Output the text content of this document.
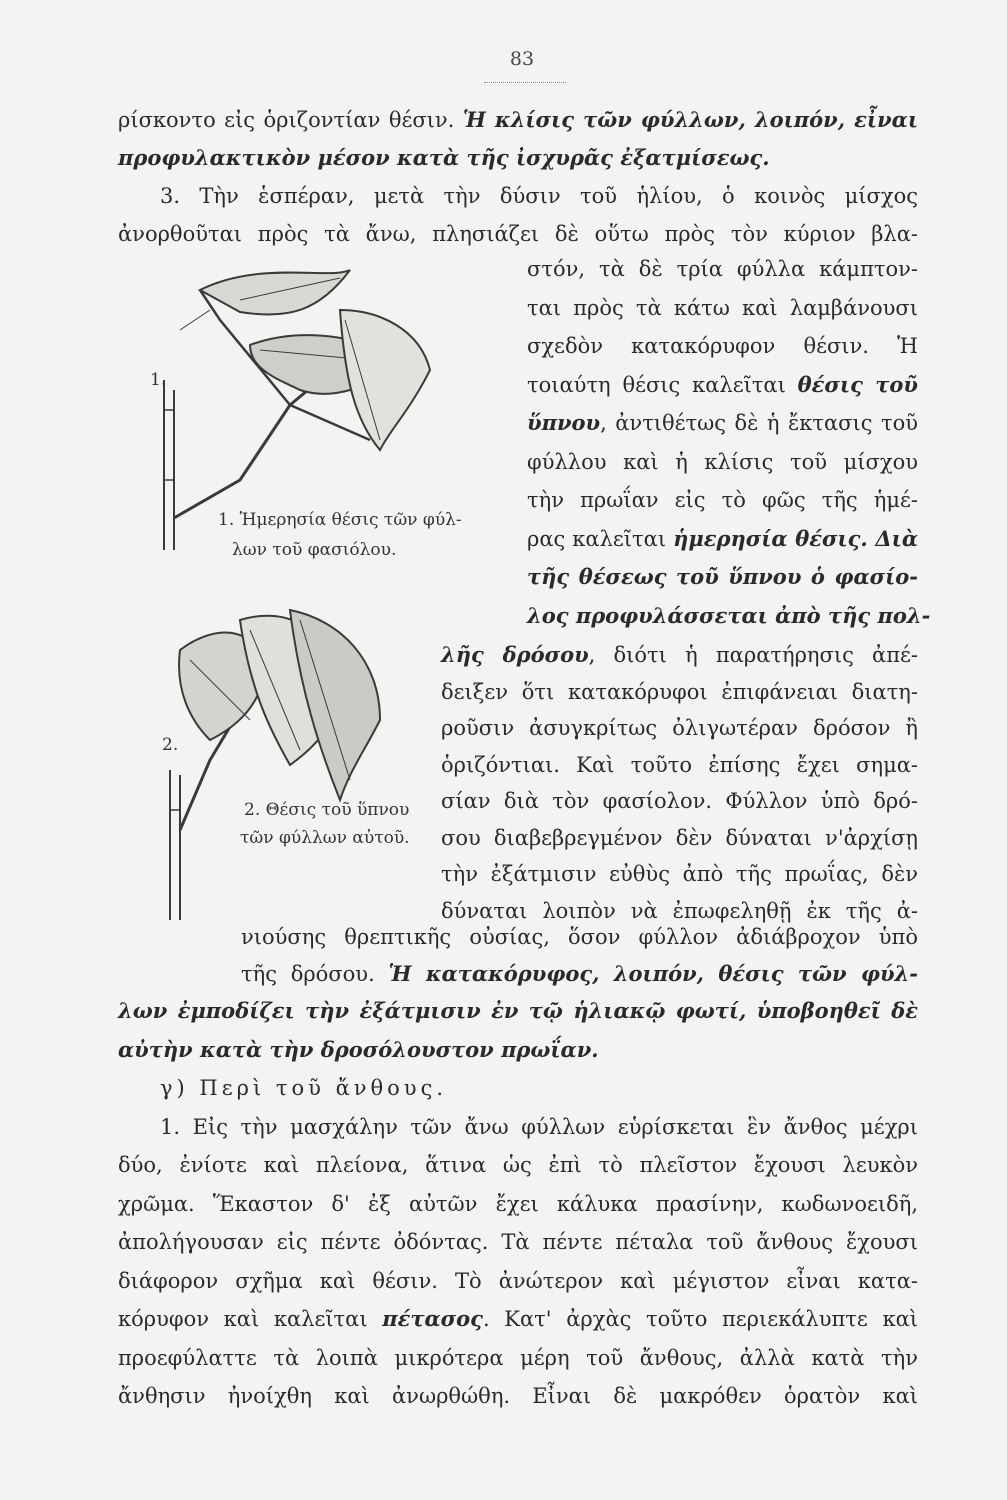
83
ρίσκοντο εἰς ὁριζοντίαν θέσιν. Ἡ κλίσις τῶν φύλλων, λοιπόν, εἶναι
προφυλακτικὸν μέσον κατὰ τῆς ἰσχυρᾶς ἐξατμίσεως.
3. Τὴν ἑσπέραν, μετὰ τὴν δύσιν τοῦ ἡλίου, ὁ κοινὸς μίσχος
ἀνορθοῦται πρὸς τὰ ἄνω, πλησιάζει δὲ οὕτω πρὸς τὸν κύριον βλα-
στόν, τὰ δὲ τρία φύλλα κάμπτον-
ται πρὸς τὰ κάτω καὶ λαμβάνουσι
σχεδὸν κατακόρυφον θέσιν. Ἡ
τοιαύτη θέσις καλεῖται θέσις τοῦ
ὕπνου, ἀντιθέτως δὲ ἡ ἔκτασις τοῦ
φύλλου καὶ ἡ κλίσις τοῦ μίσχου
τὴν πρωΐαν εἰς τὸ φῶς τῆς ἡμέ-
ρας καλεῖται ἡμερησία θέσις. Διὰ
τῆς θέσεως τοῦ ὕπνου ὁ φασίο-
λος προφυλάσσεται ἀπὸ τῆς πολ-
λῆς δρόσου, διότι ἡ παρατήρησις ἀπέ-
δειξεν ὅτι κατακόρυφοι ἐπιφάνειαι διατη-
ροῦσιν ἀσυγκρίτως ὀλιγωτέραν δρόσον ἢ
ὁριζόντιαι. Καὶ τοῦτο ἐπίσης ἔχει σημα-
σίαν διὰ τὸν φασίολον. Φύλλον ὑπὸ δρό-
σου διαβεβρεγμένον δὲν δύναται ν'ἀρχίσῃ
τὴν ἐξάτμισιν εὐθὺς ἀπὸ τῆς πρωΐας, δὲν
δύναται λοιπὸν νὰ ἐπωφεληθῇ ἐκ τῆς ἀ-
νιούσης θρεπτικῆς οὐσίας, ὅσον φύλλον ἀδιάβροχον ὑπὸ
τῆς δρόσου. Ἡ κατακόρυφος, λοιπόν, θέσις τῶν φύλ-
λων ἐμποδίζει τὴν ἐξάτμισιν ἐν τῷ ἡλιακῷ φωτί, ὑποβοηθεῖ δὲ
αὐτὴν κατὰ τὴν δροσόλουστον πρωΐαν.
γ) Περὶ τοῦ ἄνθους.
1. Εἰς τὴν μασχάλην τῶν ἄνω φύλλων εὑρίσκεται ἓν ἄνθος μέχρι
δύο, ἐνίοτε καὶ πλείονα, ἅτινα ὡς ἐπὶ τὸ πλεῖστον ἔχουσι λευκὸν
χρῶμα. Ἕκαστον δ' ἐξ αὐτῶν ἔχει κάλυκα πρασίνην, κωδωνοειδῆ,
ἀπολήγουσαν εἰς πέντε ὀδόντας. Τὰ πέντε πέταλα τοῦ ἄνθους ἔχουσι
διάφορον σχῆμα καὶ θέσιν. Τὸ ἀνώτερον καὶ μέγιστον εἶναι κατα-
κόρυφον καὶ καλεῖται πέτασος. Κατ' ἀρχὰς τοῦτο περιεκάλυπτε καὶ
προεφύλαττε τὰ λοιπὰ μικρότερα μέρη τοῦ ἄνθους, ἀλλὰ κατὰ τὴν
ἄνθησιν ἠνοίχθη καὶ ἀνωρθώθη. Εἶναι δὲ μακρόθεν ὁρατὸν καὶ
1.
1. Ἡμερησία θέσις τῶν φύλ-
λων τοῦ φασιόλου.
2.
2. Θέσις τοῦ ὕπνου
τῶν φύλλων αὐτοῦ.
